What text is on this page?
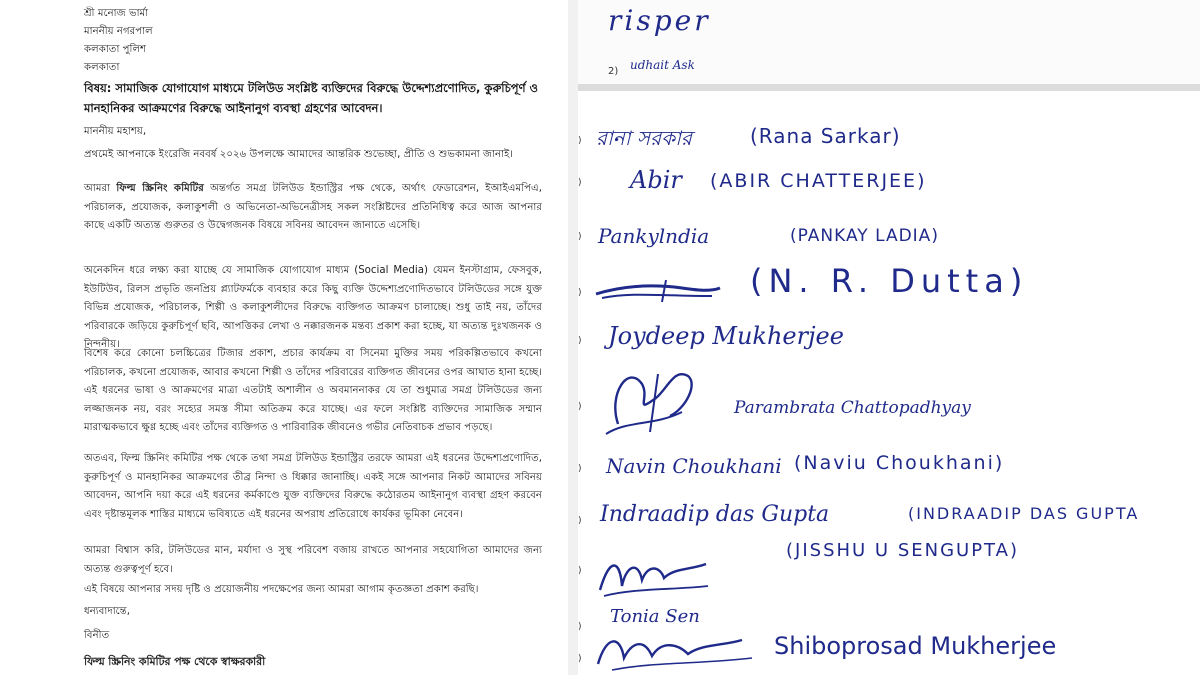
শ্রী মনোজ ভার্মা

মাননীয় নগরপাল

কলকাতা পুলিশ

কলকাতা

বিষয়: সামাজিক যোগাযোগ মাধ্যমে টলিউড সংশ্লিষ্ট ব্যক্তিদের বিরুদ্ধে উদ্দেশ্যপ্রণোদিত, কুরুচিপূর্ণ ও মানহানিকর আক্রমণের বিরুদ্ধে আইনানুগ ব্যবস্থা গ্রহণের আবেদন।

মাননীয় মহাশয়,

প্রথমেই আপনাকে ইংরেজি নববর্ষ ২০২৬ উপলক্ষে আমাদের আন্তরিক শুভেচ্ছা, প্রীতি ও শুভকামনা জানাই।

আমরা ফিল্ম স্ক্রিনিং কমিটির অন্তর্গত সমগ্র টলিউড ইন্ডাস্ট্রির পক্ষ থেকে, অর্থাৎ ফেডারেশন, ইআইএমপিএ, পরিচালক, প্রযোজক, কলাকুশলী ও অভিনেতা-অভিনেত্রীসহ সকল সংশ্লিষ্টদের প্রতিনিধিত্ব করে আজ আপনার কাছে একটি অত্যন্ত গুরুতর ও উদ্বেগজনক বিষয়ে সবিনয় আবেদন জানাতে এসেছি।

অনেকদিন ধরে লক্ষ্য করা যাচ্ছে যে সামাজিক যোগাযোগ মাধ্যম (Social Media) যেমন ইনস্টাগ্রাম, ফেসবুক, ইউটিউব, রিলস প্রভৃতি জনপ্রিয় প্ল্যাটফর্মকে ব্যবহার করে কিছু ব্যক্তি উদ্দেশ্যপ্রণোদিতভাবে টলিউডের সঙ্গে যুক্ত বিভিন্ন প্রযোজক, পরিচালক, শিল্পী ও কলাকুশলীদের বিরুদ্ধে ব্যক্তিগত আক্রমণ চালাচ্ছে। শুধু তাই নয়, তাঁদের পরিবারকে জড়িয়ে কুরুচিপূর্ণ ছবি, আপত্তিকর লেখা ও নক্কারজনক মন্তব্য প্রকাশ করা হচ্ছে, যা অত্যন্ত দুঃখজনক ও নিন্দনীয়।

বিশেষ করে কোনো চলচ্চিত্রের টিজার প্রকাশ, প্রচার কার্যক্রম বা সিনেমা মুক্তির সময় পরিকল্পিতভাবে কখনো পরিচালক, কখনো প্রযোজক, আবার কখনো শিল্পী ও তাঁদের পরিবারের ব্যক্তিগত জীবনের ওপর আঘাত হানা হচ্ছে। এই ধরনের ভাষা ও আক্রমণের মাত্রা এতটাই অশালীন ও অবমাননাকর যে তা শুধুমাত্র সমগ্র টলিউডের জন্য লজ্জাজনক নয়, বরং সহ্যের সমস্ত সীমা অতিক্রম করে যাচ্ছে। এর ফলে সংশ্লিষ্ট ব্যক্তিদের সামাজিক সম্মান মারাত্মকভাবে ক্ষুণ্ণ হচ্ছে এবং তাঁদের ব্যক্তিগত ও পারিবারিক জীবনেও গভীর নেতিবাচক প্রভাব পড়ছে।

অতএব, ফিল্ম স্ক্রিনিং কমিটির পক্ষ থেকে তথা সমগ্র টলিউড ইন্ডাস্ট্রির তরফে আমরা এই ধরনের উদ্দেশ্যপ্রণোদিত, কুরুচিপূর্ণ ও মানহানিকর আক্রমণের তীব্র নিন্দা ও ধিক্কার জানাচ্ছি। একই সঙ্গে আপনার নিকট আমাদের সবিনয় আবেদন, আপনি দয়া করে এই ধরনের কর্মকাণ্ডে যুক্ত ব্যক্তিদের বিরুদ্ধে কঠোরতম আইনানুগ ব্যবস্থা গ্রহণ করবেন এবং দৃষ্টান্তমূলক শাস্তির মাধ্যমে ভবিষ্যতে এই ধরনের অপরাধ প্রতিরোধে কার্যকর ভূমিকা নেবেন।

আমরা বিশ্বাস করি, টলিউডের মান, মর্যাদা ও সুস্থ পরিবেশ বজায় রাখতে আপনার সহযোগিতা আমাদের জন্য অত্যন্ত গুরুত্বপূর্ণ হবে।

এই বিষয়ে আপনার সদয় দৃষ্টি ও প্রয়োজনীয় পদক্ষেপের জন্য আমরা আগাম কৃতজ্ঞতা প্রকাশ করছি।

ধন্যবাদান্তে,

বিনীত

ফিল্ম স্ক্রিনিং কমিটির পক্ষ থেকে স্বাক্ষরকারী

risper

2) udhait Ask

)
)
)
)
)
)
)
)
)
)
)

রানা সরকার	(Rana Sarkar)

Abir (ABIR CHATTERJEE)

Pankylndia	(PANKAY LADIA)

(N. R. Dutta)

Joydeep Mukherjee

Parambrata Chattopadhyay

Navin Choukhani (Naviu Choukhani)

Indraadip das Gupta	(INDRAADIP DAS GUPTA

(JISSHU U SENGUPTA)

Tonia Sen

Shiboprosad Mukherjee
